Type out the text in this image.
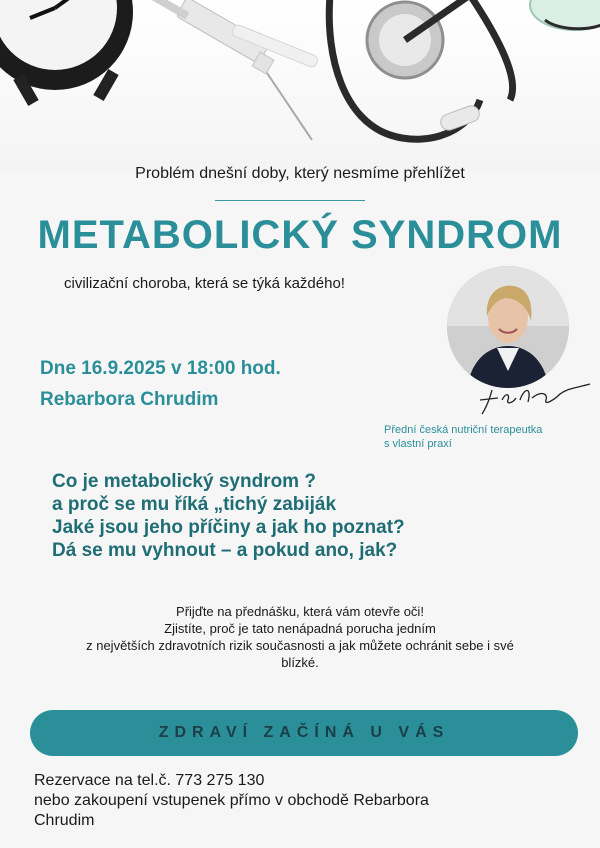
Problém dnešní doby, který nesmíme přehlížet
METABOLICKÝ SYNDROM
civilizační choroba, která se týká každého!
Přední česká nutriční terapeutka
s vlastní praxí
Dne 16.9.2025 v 18:00 hod.
Rebarbora Chrudim
Co je metabolický syndrom ?
a proč se mu říká „tichý zabiják
Jaké jsou jeho příčiny a jak ho poznat?
Dá se mu vyhnout – a pokud ano, jak?
Přijďte na přednášku, která vám otevře oči!
Zjistíte, proč je tato nenápadná porucha jedním
z největších zdravotních rizik současnosti a jak můžete ochránit sebe i své
blízké.
ZDRAVÍ ZAČÍNÁ U VÁS
Rezervace na tel.č. 773 275 130
nebo zakoupení vstupenek přímo v obchodě Rebarbora
Chrudim
